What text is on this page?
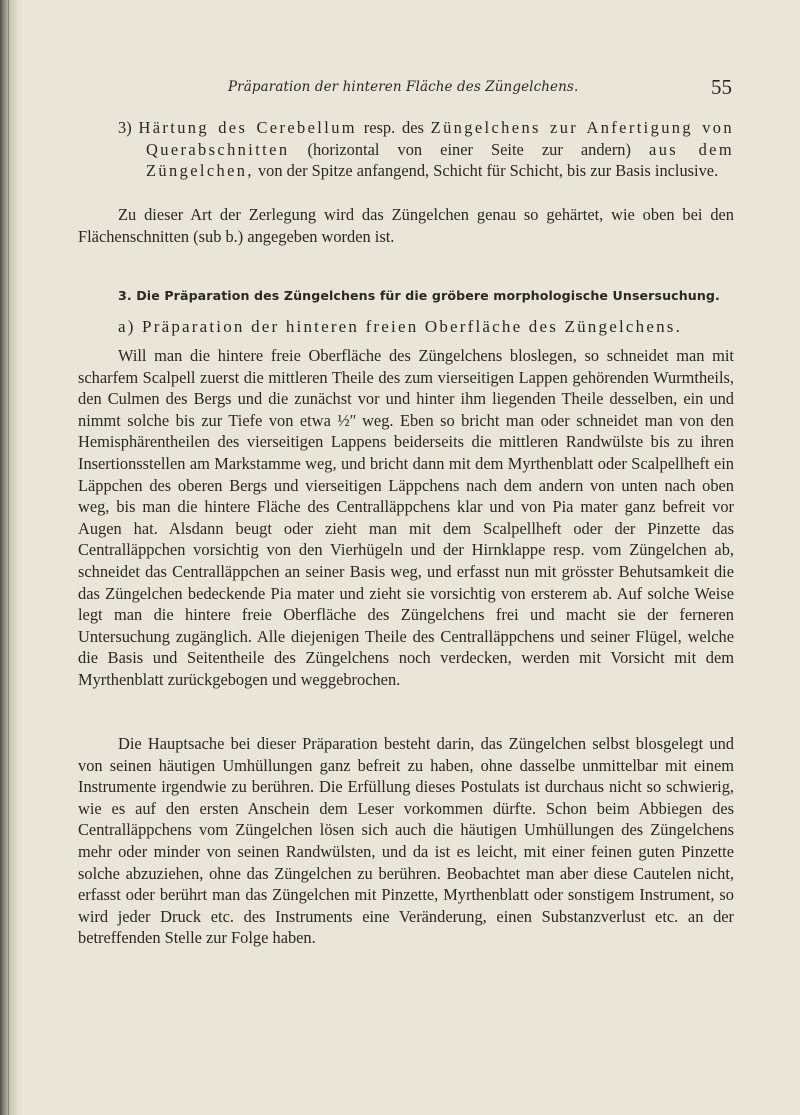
Präparation der hinteren Fläche des Züngelchens.	55

3) Härtung des Cerebellum resp. des Züngelchens zur Anfertigung von Querabschnitten (horizontal von einer Seite zur andern) aus dem Züngelchen, von der Spitze anfangend, Schicht für Schicht, bis zur Basis inclusive.

Zu dieser Art der Zerlegung wird das Züngelchen genau so gehärtet, wie oben bei den Flächenschnitten (sub b.) angegeben worden ist.

3. Die Präparation des Züngelchens für die gröbere morphologische Unsersuchung.
a) Präparation der hinteren freien Oberfläche des Züngelchens.

Will man die hintere freie Oberfläche des Züngelchens bloslegen, so schneidet man mit scharfem Scalpell zuerst die mittleren Theile des zum vierseitigen Lappen gehörenden Wurmtheils, den Culmen des Bergs und die zunächst vor und hinter ihm liegenden Theile desselben, ein und nimmt solche bis zur Tiefe von etwa ½ʺ weg. Eben so bricht man oder schneidet man von den Hemisphärentheilen des vierseitigen Lappens beiderseits die mittleren Randwülste bis zu ihren Insertionsstellen am Markstamme weg, und bricht dann mit dem Myrthenblatt oder Scalpellheft ein Läppchen des oberen Bergs und vierseitigen Läppchens nach dem andern von unten nach oben weg, bis man die hintere Fläche des Centralläppchens klar und von Pia mater ganz befreit vor Augen hat. Alsdann beugt oder zieht man mit dem Scalpellheft oder der Pinzette das Centralläppchen vorsichtig von den Vierhügeln und der Hirnklappe resp. vom Züngelchen ab, schneidet das Centralläppchen an seiner Basis weg, und erfasst nun mit grösster Behutsamkeit die das Züngelchen bedeckende Pia mater und zieht sie vorsichtig von ersterem ab. Auf solche Weise legt man die hintere freie Oberfläche des Züngelchens frei und macht sie der ferneren Untersuchung zugänglich. Alle diejenigen Theile des Centralläppchens und seiner Flügel, welche die Basis und Seitentheile des Züngelchens noch verdecken, werden mit Vorsicht mit dem Myrthenblatt zurückgebogen und weggebrochen.

Die Hauptsache bei dieser Präparation besteht darin, das Züngelchen selbst blosgelegt und von seinen häutigen Umhüllungen ganz befreit zu haben, ohne dasselbe unmittelbar mit einem Instrumente irgendwie zu berühren. Die Erfüllung dieses Postulats ist durchaus nicht so schwierig, wie es auf den ersten Anschein dem Leser vorkommen dürfte. Schon beim Abbiegen des Centralläppchens vom Züngelchen lösen sich auch die häutigen Umhüllungen des Züngelchens mehr oder minder von seinen Randwülsten, und da ist es leicht, mit einer feinen guten Pinzette solche abzuziehen, ohne das Züngelchen zu berühren. Beobachtet man aber diese Cautelen nicht, erfasst oder berührt man das Züngelchen mit Pinzette, Myrthenblatt oder sonstigem Instrument, so wird jeder Druck etc. des Instruments eine Veränderung, einen Substanzverlust etc. an der betreffenden Stelle zur Folge haben.
